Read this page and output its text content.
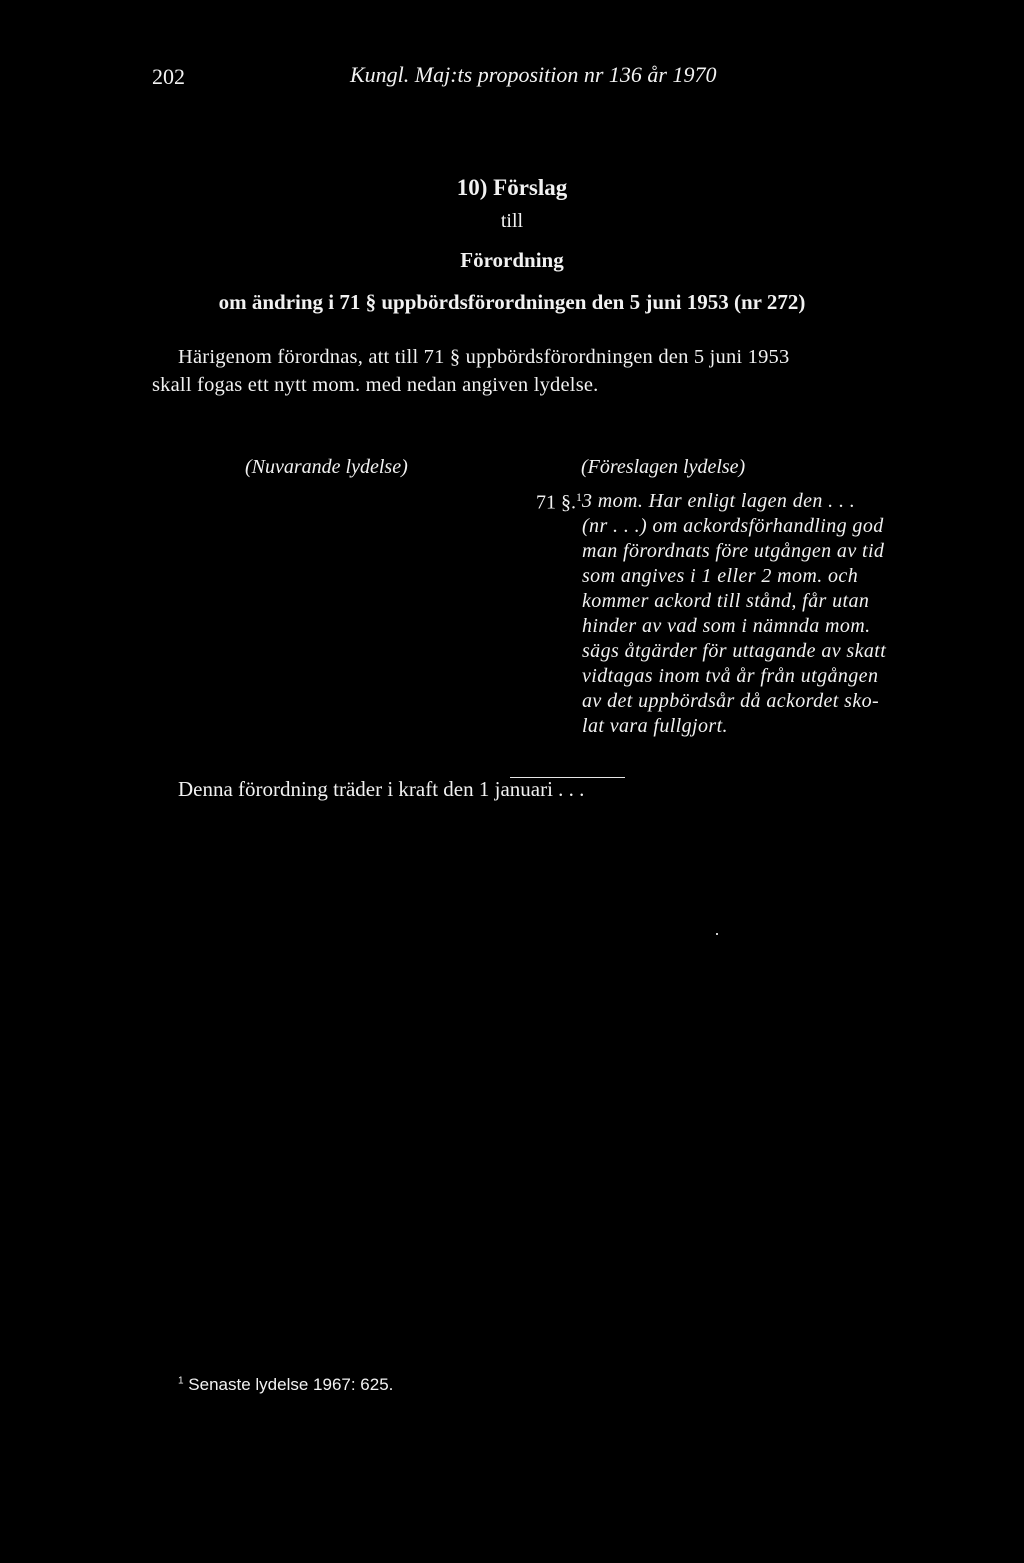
202	Kungl. Maj:ts proposition nr 136 år 1970
10) Förslag
till
Förordning
om ändring i 71 § uppbördsförordningen den 5 juni 1953 (nr 272)
Härigenom förordnas, att till 71 § uppbördsförordningen den 5 juni 1953
skall fogas ett nytt mom. med nedan angiven lydelse.
(Nuvarande lydelse)	(Föreslagen lydelse)
71 §.$^1$ 3 mom. Har enligt lagen den . . .
(nr . . .) om ackordsförhandling god
man förordnats före utgången av tid
som angives i 1 eller 2 mom. och
kommer ackord till stånd, får utan
hinder av vad som i nämnda mom.
sägs åtgärder för uttagande av skatt
vidtagas inom två år från utgången
av det uppbördsår då ackordet sko-
lat vara fullgjort.
Denna förordning träder i kraft den 1 januari . . .
$^1$ Senaste lydelse 1967: 625.
